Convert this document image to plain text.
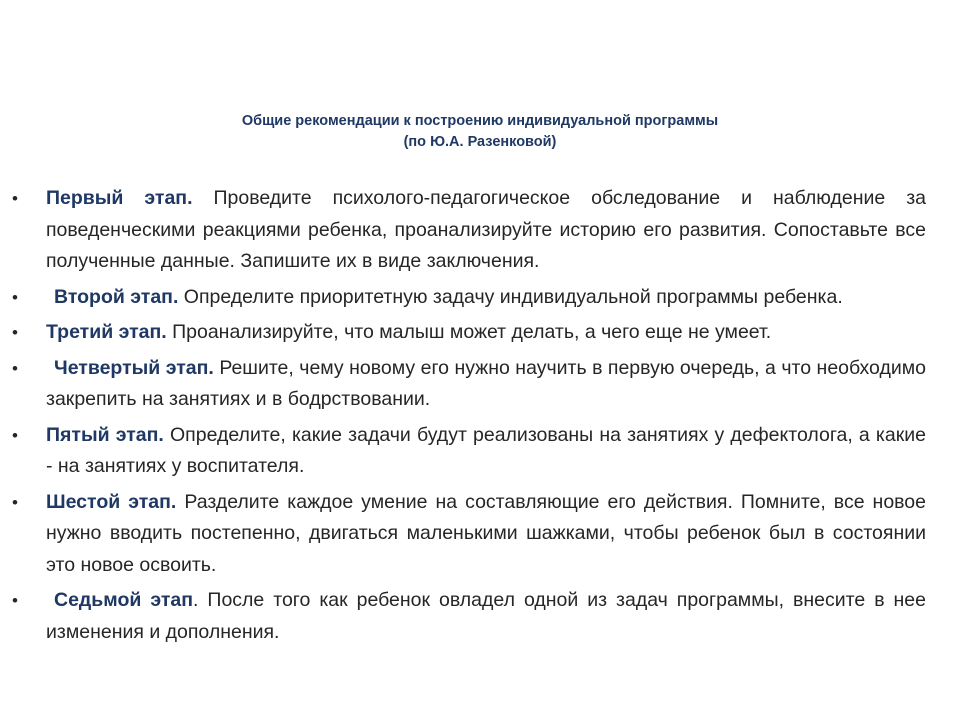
Общие рекомендации к построению индивидуальной программы
(по Ю.А. Разенковой)
• Первый этап. Проведите психолого-педагогическое обследование и наблюдение за поведенческими реакциями ребенка, проанализируйте историю его развития. Сопоставьте все полученные данные. Запишите их в виде заключения.
• Второй этап. Определите приоритетную задачу индивидуальной программы ребенка.
• Третий этап. Проанализируйте, что малыш может делать, а чего еще не умеет.
• Четвертый этап. Решите, чему новому его нужно научить в первую очередь, а что необходимо закрепить на занятиях и в бодрствовании.
• Пятый этап. Определите, какие задачи будут реализованы на занятиях у дефектолога, а какие - на занятиях у воспитателя.
• Шестой этап. Разделите каждое умение на составляющие его действия. Помните, все новое нужно вводить постепенно, двигаться маленькими шажками, чтобы ребенок был в состоянии это новое освоить.
• Седьмой этап. После того как ребенок овладел одной из задач программы, внесите в нее изменения и дополнения.
